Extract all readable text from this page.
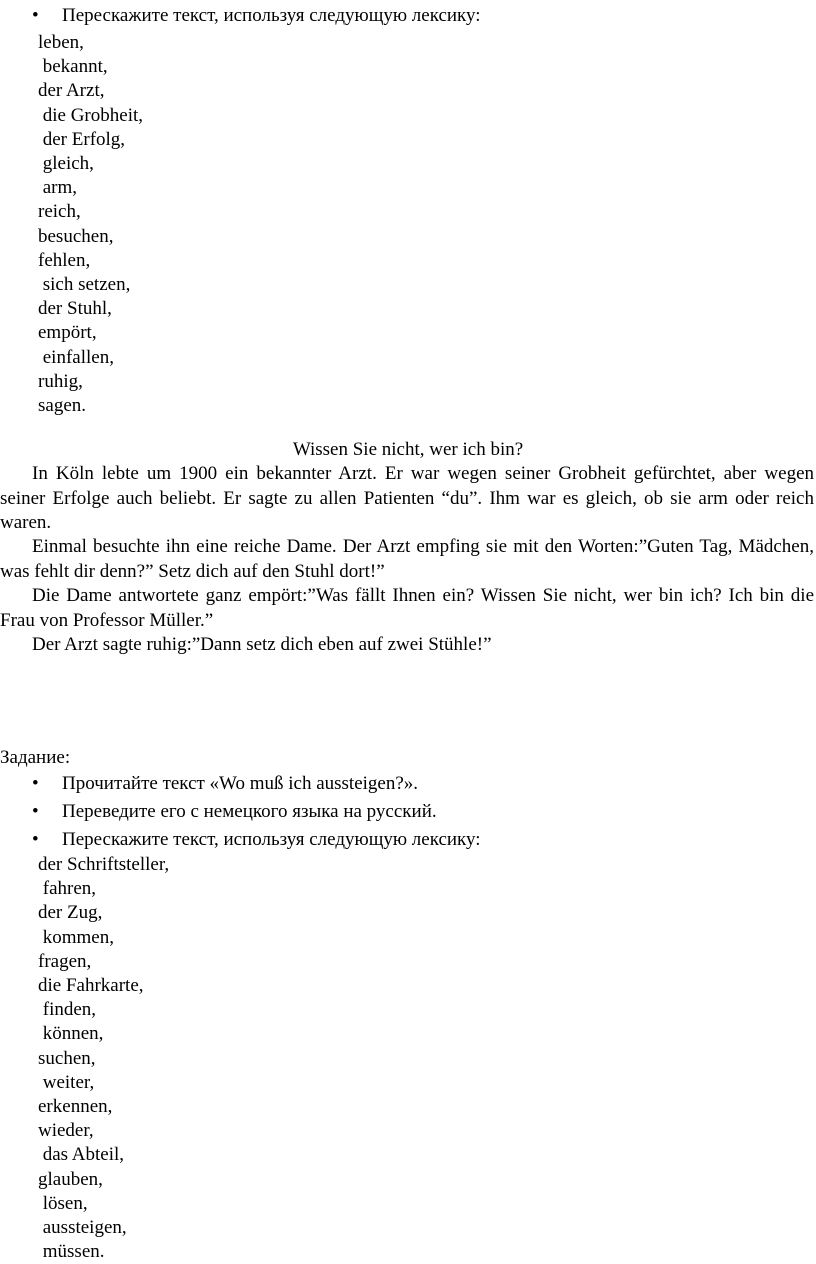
• Перескажите текст, используя следующую лексику:
leben,
bekannt,
der Arzt,
die Grobheit,
der Erfolg,
gleich,
arm,
reich,
besuchen,
fehlen,
sich setzen,
der Stuhl,
empört,
einfallen,
ruhig,
sagen.
Wissen Sie nicht, wer ich bin?
In Köln lebte um 1900 ein bekannter Arzt. Er war wegen seiner Grobheit gefürchtet, aber wegen seiner Erfolge auch beliebt. Er sagte zu allen Patienten “du”. Ihm war es gleich, ob sie arm oder reich waren.
Einmal besuchte ihn eine reiche Dame. Der Arzt empfing sie mit den Worten:”Guten Tag, Mädchen, was fehlt dir denn?” Setz dich auf den Stuhl dort!”
Die Dame antwortete ganz empört:”Was fällt Ihnen ein? Wissen Sie nicht, wer bin ich? Ich bin die Frau von Professor Müller.”
Der Arzt sagte ruhig:”Dann setz dich eben auf zwei Stühle!”
Задание:
• Прочитайте текст «Wo muß ich aussteigen?».
• Переведите его с немецкого языка на русский.
• Перескажите текст, используя следующую лексику:
der Schriftsteller,
fahren,
der Zug,
kommen,
fragen,
die Fahrkarte,
finden,
können,
suchen,
weiter,
erkennen,
wieder,
das Abteil,
glauben,
lösen,
aussteigen,
müssen.
